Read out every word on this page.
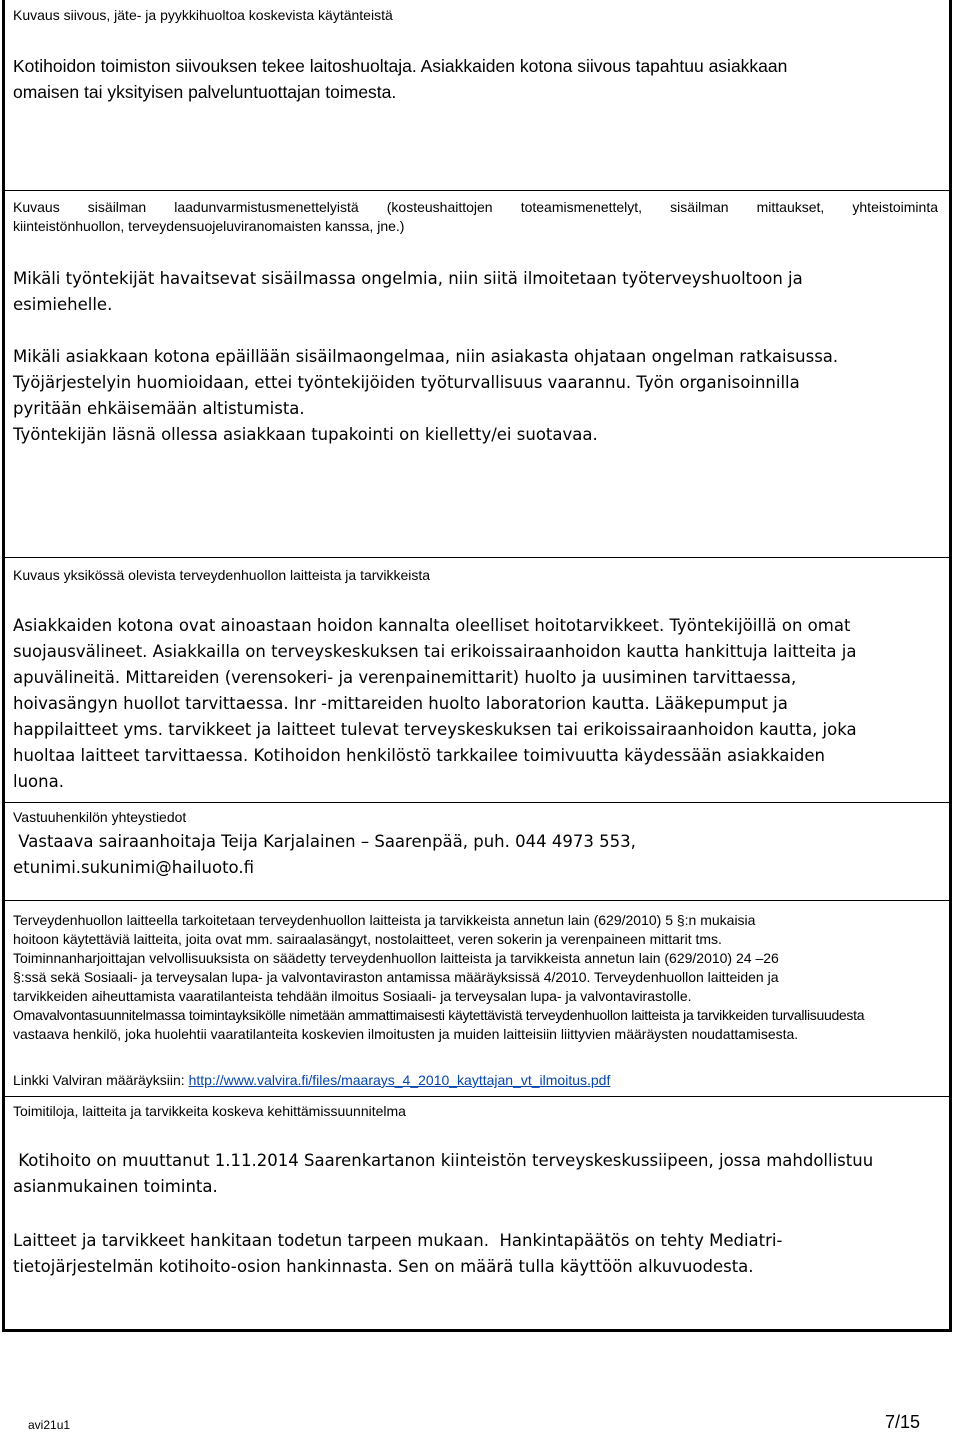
Kuvaus siivous, jäte- ja pyykkihuoltoa koskevista käytänteistä
Kotihoidon toimiston siivouksen tekee laitoshuoltaja. Asiakkaiden kotona siivous tapahtuu asiakkaan
omaisen tai yksityisen palveluntuottajan toimesta.
Kuvaus sisäilman laadunvarmistusmenettelyistä (kosteushaittojen toteamismenettelyt, sisäilman mittaukset, yhteistoiminta
kiinteistönhuollon, terveydensuojeluviranomaisten kanssa, jne.)
Mikäli työntekijät havaitsevat sisäilmassa ongelmia, niin siitä ilmoitetaan työterveyshuoltoon ja
esimiehelle.
Mikäli asiakkaan kotona epäillään sisäilmaongelmaa, niin asiakasta ohjataan ongelman ratkaisussa.
Työjärjestelyin huomioidaan, ettei työntekijöiden työturvallisuus vaarannu. Työn organisoinnilla
pyritään ehkäisemään altistumista.
Työntekijän läsnä ollessa asiakkaan tupakointi on kielletty/ei suotavaa.
Kuvaus yksikössä olevista terveydenhuollon laitteista ja tarvikkeista
Asiakkaiden kotona ovat ainoastaan hoidon kannalta oleelliset hoitotarvikkeet. Työntekijöillä on omat
suojausvälineet. Asiakkailla on terveyskeskuksen tai erikoissairaanhoidon kautta hankittuja laitteita ja
apuvälineitä. Mittareiden (verensokeri- ja verenpainemittarit) huolto ja uusiminen tarvittaessa,
hoivasängyn huollot tarvittaessa. Inr -mittareiden huolto laboratorion kautta. Lääkepumput ja
happilaitteet yms. tarvikkeet ja laitteet tulevat terveyskeskuksen tai erikoissairaanhoidon kautta, joka
huoltaa laitteet tarvittaessa. Kotihoidon henkilöstö tarkkailee toimivuutta käydessään asiakkaiden
luona.
Vastuuhenkilön yhteystiedot
Vastaava sairaanhoitaja Teija Karjalainen – Saarenpää, puh. 044 4973 553,
etunimi.sukunimi@hailuoto.fi
Terveydenhuollon laitteella tarkoitetaan terveydenhuollon laitteista ja tarvikkeista annetun lain (629/2010) 5 §:n mukaisia
hoitoon käytettäviä laitteita, joita ovat mm. sairaalasängyt, nostolaitteet, veren sokerin ja verenpaineen mittarit tms.
Toiminnanharjoittajan velvollisuuksista on säädetty terveydenhuollon laitteista ja tarvikkeista annetun lain (629/2010) 24 –26
§:ssä sekä Sosiaali- ja terveysalan lupa- ja valvontaviraston antamissa määräyksissä 4/2010. Terveydenhuollon laitteiden ja
tarvikkeiden aiheuttamista vaaratilanteista tehdään ilmoitus Sosiaali- ja terveysalan lupa- ja valvontavirastolle.
Omavalvontasuunnitelmassa toimintayksikölle nimetään ammattimaisesti käytettävistä terveydenhuollon laitteista ja tarvikkeiden turvallisuudesta
vastaava henkilö, joka huolehtii vaaratilanteita koskevien ilmoitusten ja muiden laitteisiin liittyvien määräysten noudattamisesta.
Linkki Valviran määräyksiin: http://www.valvira.fi/files/maarays_4_2010_kayttajan_vt_ilmoitus.pdf
Toimitiloja, laitteita ja tarvikkeita koskeva kehittämissuunnitelma
Kotihoito on muuttanut 1.11.2014 Saarenkartanon kiinteistön terveyskeskussiipeen, jossa mahdollistuu
asianmukainen toiminta.
Laitteet ja tarvikkeet hankitaan todetun tarpeen mukaan.  Hankintapäätös on tehty Mediatri-
tietojärjestelmän kotihoito-osion hankinnasta. Sen on määrä tulla käyttöön alkuvuodesta.
avi21u1	7/15
